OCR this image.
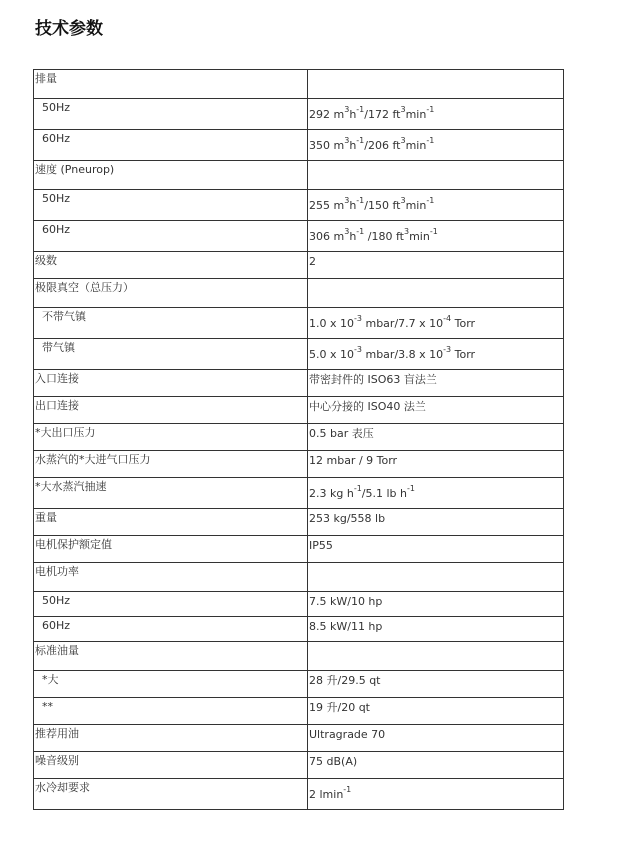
技术参数
排量	
50Hz	292 $m^3h^{-1}/172$ $ft^3\min^{-1}$
60Hz	350 $m^3h^{-1}/206$ $ft^3\min^{-1}$
速度 (Pneurop)	
50Hz	255 $m^3h^{-1}/150$ $ft^3\min^{-1}$
60Hz	306 $m^3h^{-1}$ /180 $ft^3\min^{-1}$
级数	2
极限真空（总压力）	
不带气镇	1.0 x $10^{-3}$ mbar/7.7 x $10^{-4}$ Torr
带气镇	5.0 x $10^{-3}$ mbar/3.8 x $10^{-3}$ Torr
入口连接	带密封件的 ISO63 盲法兰
出口连接	中心分接的 ISO40 法兰
*大出口压力	0.5 bar 表压
水蒸汽的*大进气口压力	12 mbar / 9 Torr
*大水蒸汽抽速	2.3 kg $h^{-1}/5.1$ lb $h^{-1}$
重量	253 kg/558 lb
电机保护额定值	IP55
电机功率	
50Hz	7.5 kW/10 hp
60Hz	8.5 kW/11 hp
标准油量	
*大	28 升/29.5 qt
**	19 升/20 qt
推荐用油	Ultragrade 70
噪音级别	75 dB(A)
水冷却要求	2 lmin$^{-1}$
